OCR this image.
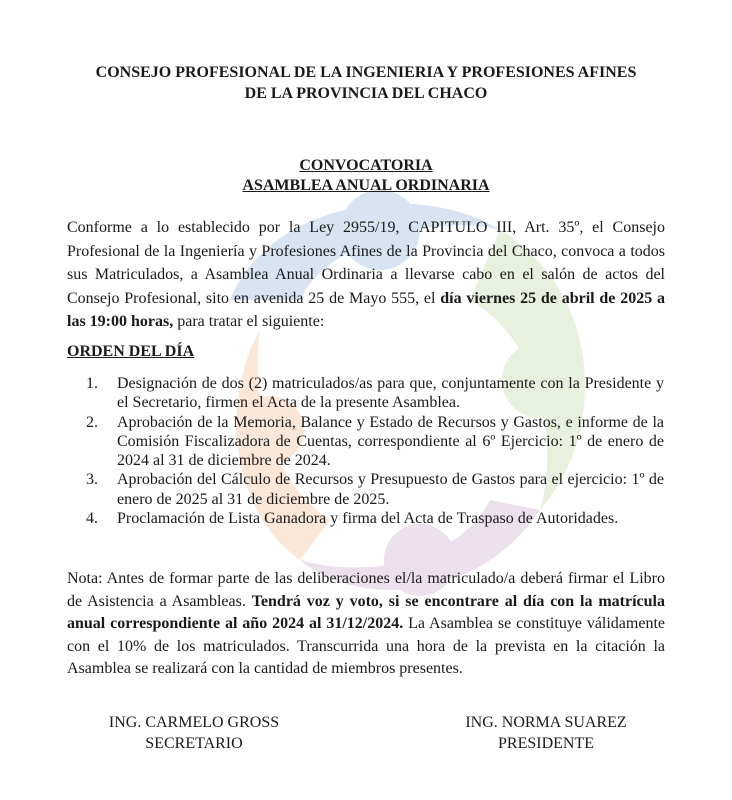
CONSEJO PROFESIONAL DE LA INGENIERIA Y PROFESIONES AFINES
DE LA PROVINCIA DEL CHACO
CONVOCATORIA
ASAMBLEA ANUAL ORDINARIA

Conforme a lo establecido por la Ley 2955/19, CAPITULO III, Art. 35º, el Consejo Profesional de la Ingeniería y Profesiones Afines de la Provincia del Chaco, convoca a todos sus Matriculados, a Asamblea Anual Ordinaria a llevarse cabo en el salón de actos del Consejo Profesional, sito en avenida 25 de Mayo 555, el día viernes 25 de abril de 2025 a las 19:00 horas, para tratar el siguiente:

ORDEN DEL DÍA
1. Designación de dos (2) matriculados/as para que, conjuntamente con la Presidente y el Secretario, firmen el Acta de la presente Asamblea.
2. Aprobación de la Memoria, Balance y Estado de Recursos y Gastos, e informe de la Comisión Fiscalizadora de Cuentas, correspondiente al 6º Ejercicio: 1º de enero de 2024 al 31 de diciembre de 2024.
3. Aprobación del Cálculo de Recursos y Presupuesto de Gastos para el ejercicio: 1º de enero de 2025 al 31 de diciembre de 2025.
4. Proclamación de Lista Ganadora y firma del Acta de Traspaso de Autoridades.

Nota: Antes de formar parte de las deliberaciones el/la matriculado/a deberá firmar el Libro de Asistencia a Asambleas. Tendrá voz y voto, si se encontrare al día con la matrícula anual correspondiente al año 2024 al 31/12/2024. La Asamblea se constituye válidamente con el 10% de los matriculados. Transcurrida una hora de la prevista en la citación la Asamblea se realizará con la cantidad de miembros presentes.

ING. CARMELO GROSS
SECRETARIO
ING. NORMA SUAREZ
PRESIDENTE
